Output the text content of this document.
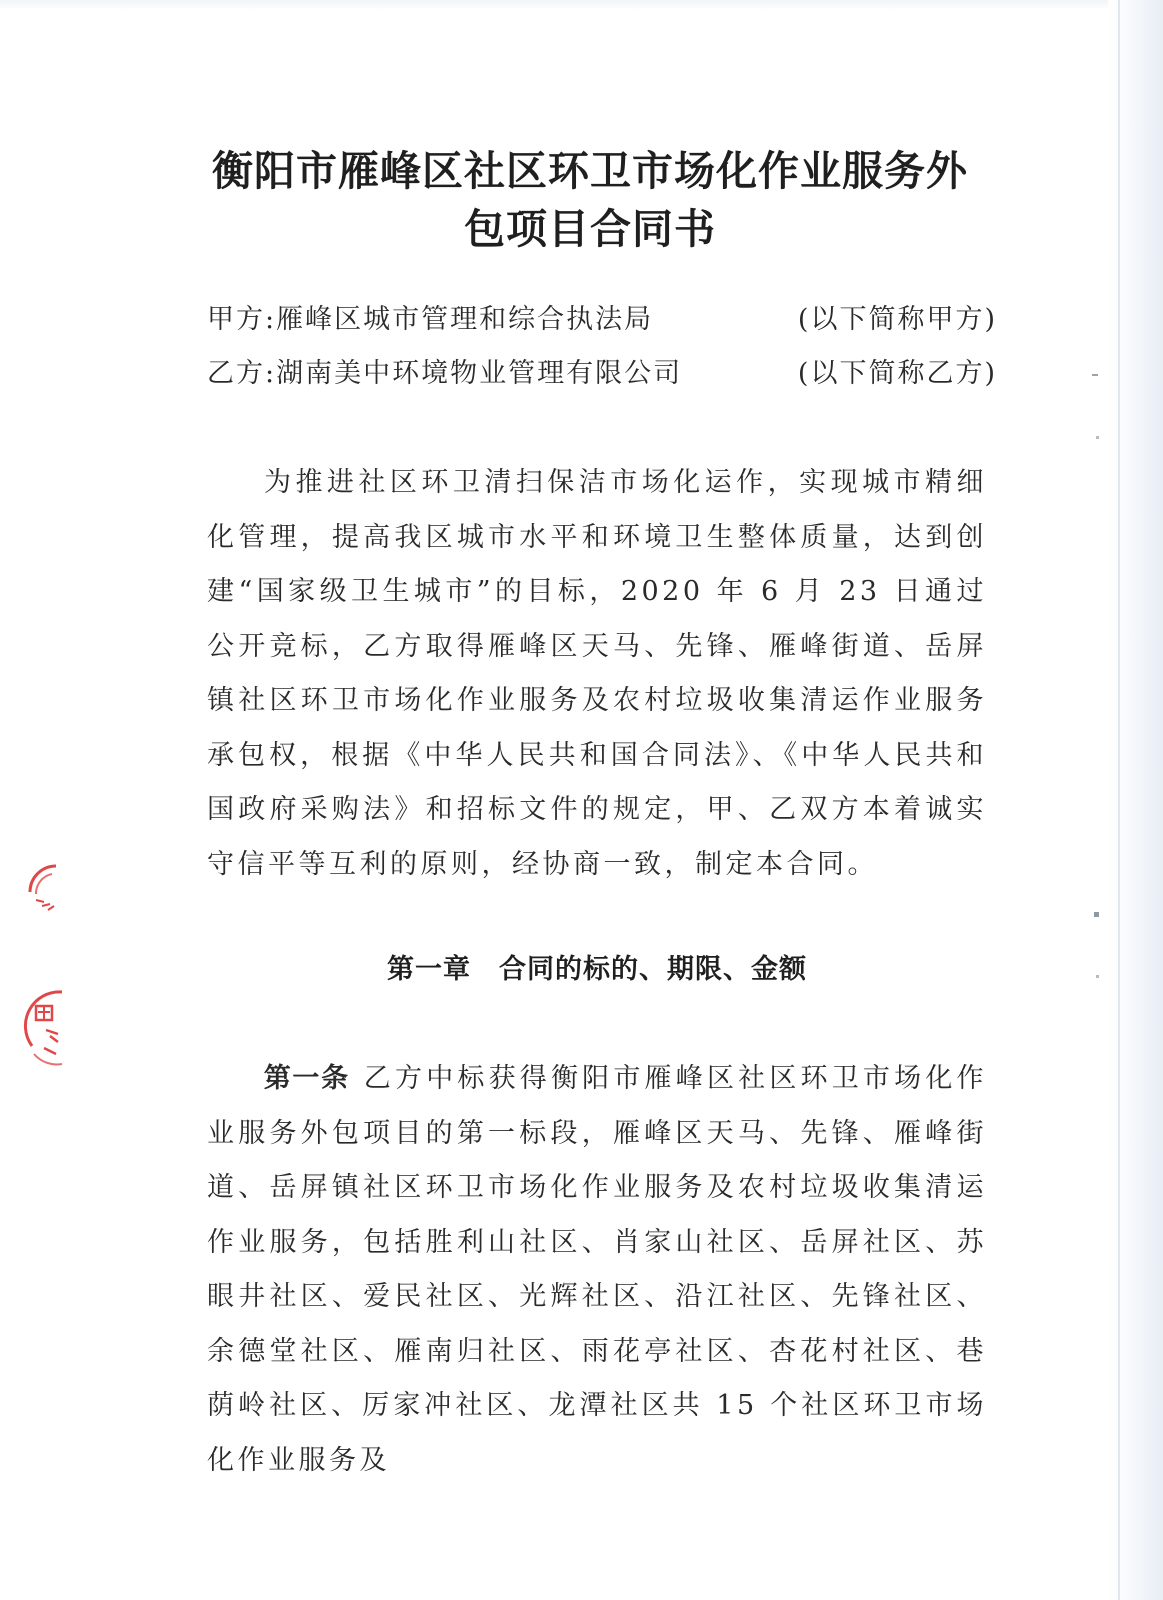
衡阳市雁峰区社区环卫市场化作业服务外
包项目合同书
甲方:雁峰区城市管理和综合执法局	(以下简称甲方)
乙方:湖南美中环境物业管理有限公司	(以下简称乙方)

为推进社区环卫清扫保洁市场化运作，实现城市精细化管理，提高我区城市水平和环境卫生整体质量，达到创建“国家级卫生城市”的目标，2020 年 6 月 23 日通过公开竞标，乙方取得雁峰区天马、先锋、雁峰街道、岳屏镇社区环卫市场化作业服务及农村垃圾收集清运作业服务承包权，根据《中华人民共和国合同法》、《中华人民共和国政府采购法》和招标文件的规定，甲、乙双方本着诚实守信平等互利的原则，经协商一致，制定本合同。

第一章　合同的标的、期限、金额

第一条 乙方中标获得衡阳市雁峰区社区环卫市场化作业服务外包项目的第一标段，雁峰区天马、先锋、雁峰街道、岳屏镇社区环卫市场化作业服务及农村垃圾收集清运作业服务，包括胜利山社区、肖家山社区、岳屏社区、苏眼井社区、爱民社区、光辉社区、沿江社区、先锋社区、余德堂社区、雁南归社区、雨花亭社区、杏花村社区、巷荫岭社区、厉家冲社区、龙潭社区共 15 个社区环卫市场化作业服务及
